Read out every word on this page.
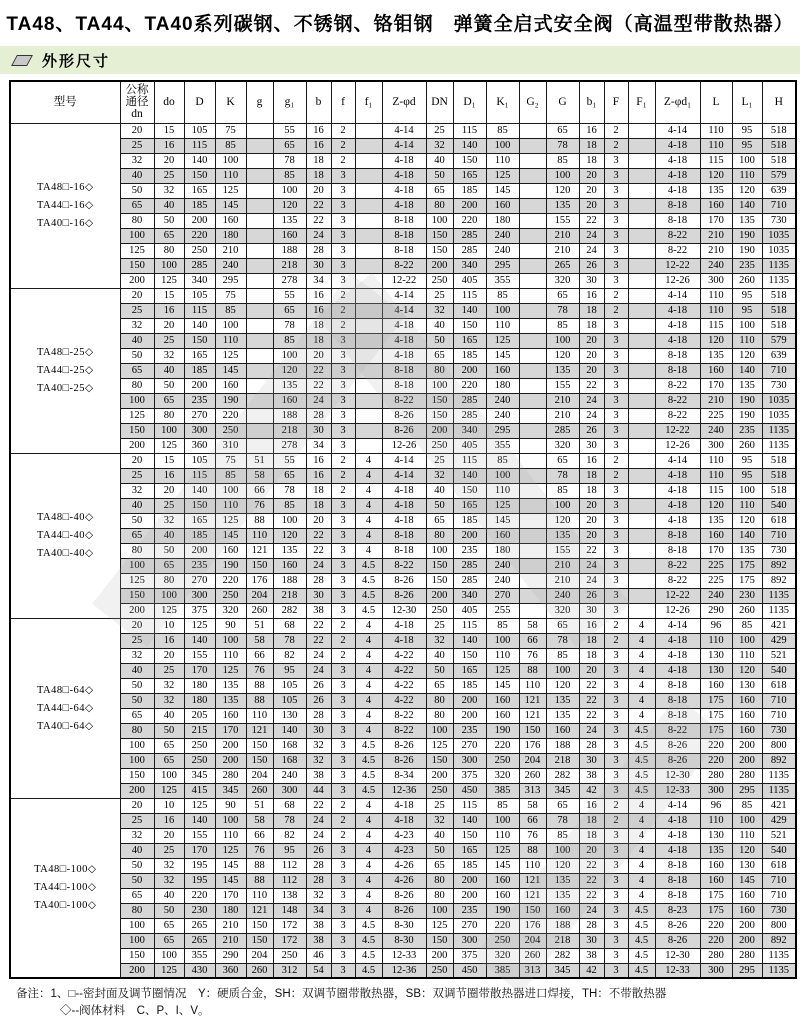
TA48、TA44、TA40系列碳钢、不锈钢、铬钼钢　弹簧全启式安全阀（高温型带散热器）
外形尺寸
型号	公称通径dn	do	D	K	g	g₁	b	f	f₁	Z-φd	DN	D₁	K₁	G₂	G	b₁	F	F₁	Z-φd₁	L	L₁	H

TA48□-16◇
TA44□-16◇
TA40□-16◇	20	15	105	75		55	16	2		4-14	25	115	85		65	16	2		4-14	110	95	518
	25	16	115	85		65	16	2		4-14	32	140	100		78	18	2		4-18	110	95	518
	32	20	140	100		78	18	2		4-18	40	150	110		85	18	3		4-18	115	100	518
	40	25	150	110		85	18	3		4-18	50	165	125		100	20	3		4-18	120	110	579
	50	32	165	125		100	20	3		4-18	65	185	145		120	20	3		4-18	135	120	639
	65	40	185	145		120	22	3		4-18	80	200	160		135	20	3		8-18	160	140	710
	80	50	200	160		135	22	3		8-18	100	220	180		155	22	3		8-18	170	135	730
	100	65	220	180		160	24	3		8-18	150	285	240		210	24	3		8-22	210	190	1035
	125	80	250	210		188	28	3		8-18	150	285	240		210	24	3		8-22	210	190	1035
	150	100	285	240		218	30	3		8-22	200	340	295		265	26	3		12-22	240	235	1135
	200	125	340	295		278	34	3		12-22	250	405	355		320	30	3		12-26	300	260	1135

TA48□-25◇
TA44□-25◇
TA40□-25◇	20	15	105	75		55	16	2		4-14	25	115	85		65	16	2		4-14	110	95	518
	25	16	115	85		65	16	2		4-14	32	140	100		78	18	2		4-18	110	95	518
	32	20	140	100		78	18	2		4-18	40	150	110		85	18	3		4-18	115	100	518
	40	25	150	110		85	18	3		4-18	50	165	125		100	20	3		4-18	120	110	579
	50	32	165	125		100	20	3		4-18	65	185	145		120	20	3		8-18	135	120	639
	65	40	185	145		120	22	3		8-18	80	200	160		135	20	3		8-18	160	140	710
	80	50	200	160		135	22	3		8-18	100	220	180		155	22	3		8-22	170	135	730
	100	65	235	190		160	24	3		8-22	150	285	240		210	24	3		8-22	210	190	1035
	125	80	270	220		188	28	3		8-26	150	285	240		210	24	3		8-22	225	190	1035
	150	100	300	250		218	30	3		8-26	200	340	295		285	26	3		12-22	240	235	1135
	200	125	360	310		278	34	3		12-26	250	405	355		320	30	3		12-26	300	260	1135

TA48□-40◇
TA44□-40◇
TA40□-40◇	20	15	105	75	51	55	16	2	4	4-14	25	115	85		65	16	2		4-14	110	95	518
	25	16	115	85	58	65	16	2	4	4-14	32	140	100		78	18	2		4-18	110	95	518
	32	20	140	100	66	78	18	2	4	4-18	40	150	110		85	18	3		4-18	115	100	518
	40	25	150	110	76	85	18	3	4	4-18	50	165	125		100	20	3		4-18	120	110	540
	50	32	165	125	88	100	20	3	4	4-18	65	185	145		120	20	3		4-18	135	120	618
	65	40	185	145	110	120	22	3	4	8-18	80	200	160		135	20	3		8-18	160	140	710
	80	50	200	160	121	135	22	3	4	8-18	100	235	180		155	22	3		8-18	170	135	730
	100	65	235	190	150	160	24	3	4.5	8-22	150	285	240		210	24	3		8-22	225	175	892
	125	80	270	220	176	188	28	3	4.5	8-26	150	285	240		210	24	3		8-22	225	175	892
	150	100	300	250	204	218	30	3	4.5	8-26	200	340	270		240	26	3		12-22	240	230	1135
	200	125	375	320	260	282	38	3	4.5	12-30	250	405	255		320	30	3		12-26	290	260	1135

TA48□-64◇
TA44□-64◇
TA40□-64◇	20	10	125	90	51	68	22	2	4	4-18	25	115	85	58	65	16	2	4	4-14	96	85	421
	25	16	140	100	58	78	22	2	4	4-18	32	140	100	66	78	18	2	4	4-18	110	100	429
	32	20	155	110	66	82	24	2	4	4-22	40	150	110	76	85	18	3	4	4-18	130	110	521
	40	25	170	125	76	95	24	3	4	4-22	50	165	125	88	100	20	3	4	4-18	130	120	540
	50	32	180	135	88	105	26	3	4	4-22	65	185	145	110	120	22	3	4	8-18	160	130	618
	50	32	180	135	88	105	26	3	4	4-22	80	200	160	121	135	22	3	4	8-18	175	160	710
	65	40	205	160	110	130	28	3	4	8-22	80	200	160	121	135	22	3	4	8-18	175	160	710
	80	50	215	170	121	140	30	3	4	8-22	100	235	190	150	160	24	3	4.5	8-22	175	160	730
	100	65	250	200	150	168	32	3	4.5	8-26	125	270	220	176	188	28	3	4.5	8-26	220	200	800
	100	65	250	200	150	168	32	3	4.5	8-26	150	300	250	204	218	30	3	4.5	8-26	220	200	892
	150	100	345	280	204	240	38	3	4.5	8-34	200	375	320	260	282	38	3	4.5	12-30	280	280	1135
	200	125	415	345	260	300	44	3	4.5	12-36	250	450	385	313	345	42	3	4.5	12-33	300	295	1135

TA48□-100◇
TA44□-100◇
TA40□-100◇	20	10	125	90	51	68	22	2	4	4-18	25	115	85	58	65	16	2	4	4-14	96	85	421
	25	16	140	100	58	78	24	2	4	4-18	32	140	100	66	78	18	2	4	4-18	110	100	429
	32	20	155	110	66	82	24	2	4	4-23	40	150	110	76	85	18	3	4	4-18	130	110	521
	40	25	170	125	76	95	26	3	4	4-23	50	165	125	88	100	20	3	4	4-18	135	120	540
	50	32	195	145	88	112	28	3	4	4-26	65	185	145	110	120	22	3	4	8-18	160	130	618
	50	32	195	145	88	112	28	3	4	4-26	80	200	160	121	135	22	3	4	8-18	160	145	710
	65	40	220	170	110	138	32	3	4	8-26	80	200	160	121	135	22	3	4	8-18	175	160	710
	80	50	230	180	121	148	34	3	4	8-26	100	235	190	150	160	24	3	4.5	8-23	175	160	730
	100	65	265	210	150	172	38	3	4.5	8-30	125	270	220	176	188	28	3	4.5	8-26	220	200	800
	100	65	265	210	150	172	38	3	4.5	8-30	150	300	250	204	218	30	3	4.5	8-26	220	200	892
	150	100	355	290	204	250	46	3	4.5	12-33	200	375	320	260	282	38	3	4.5	12-30	280	280	1135
	200	125	430	360	260	312	54	3	4.5	12-36	250	450	385	313	345	42	3	4.5	12-33	300	295	1135
备注：1、□--密封面及调节圈情况　Y：硬质合金，SH：双调节圈带散热器，SB：双调节圈带散热器进口焊接，TH：不带散热器
◇--阀体材料　C、P、I、V。
